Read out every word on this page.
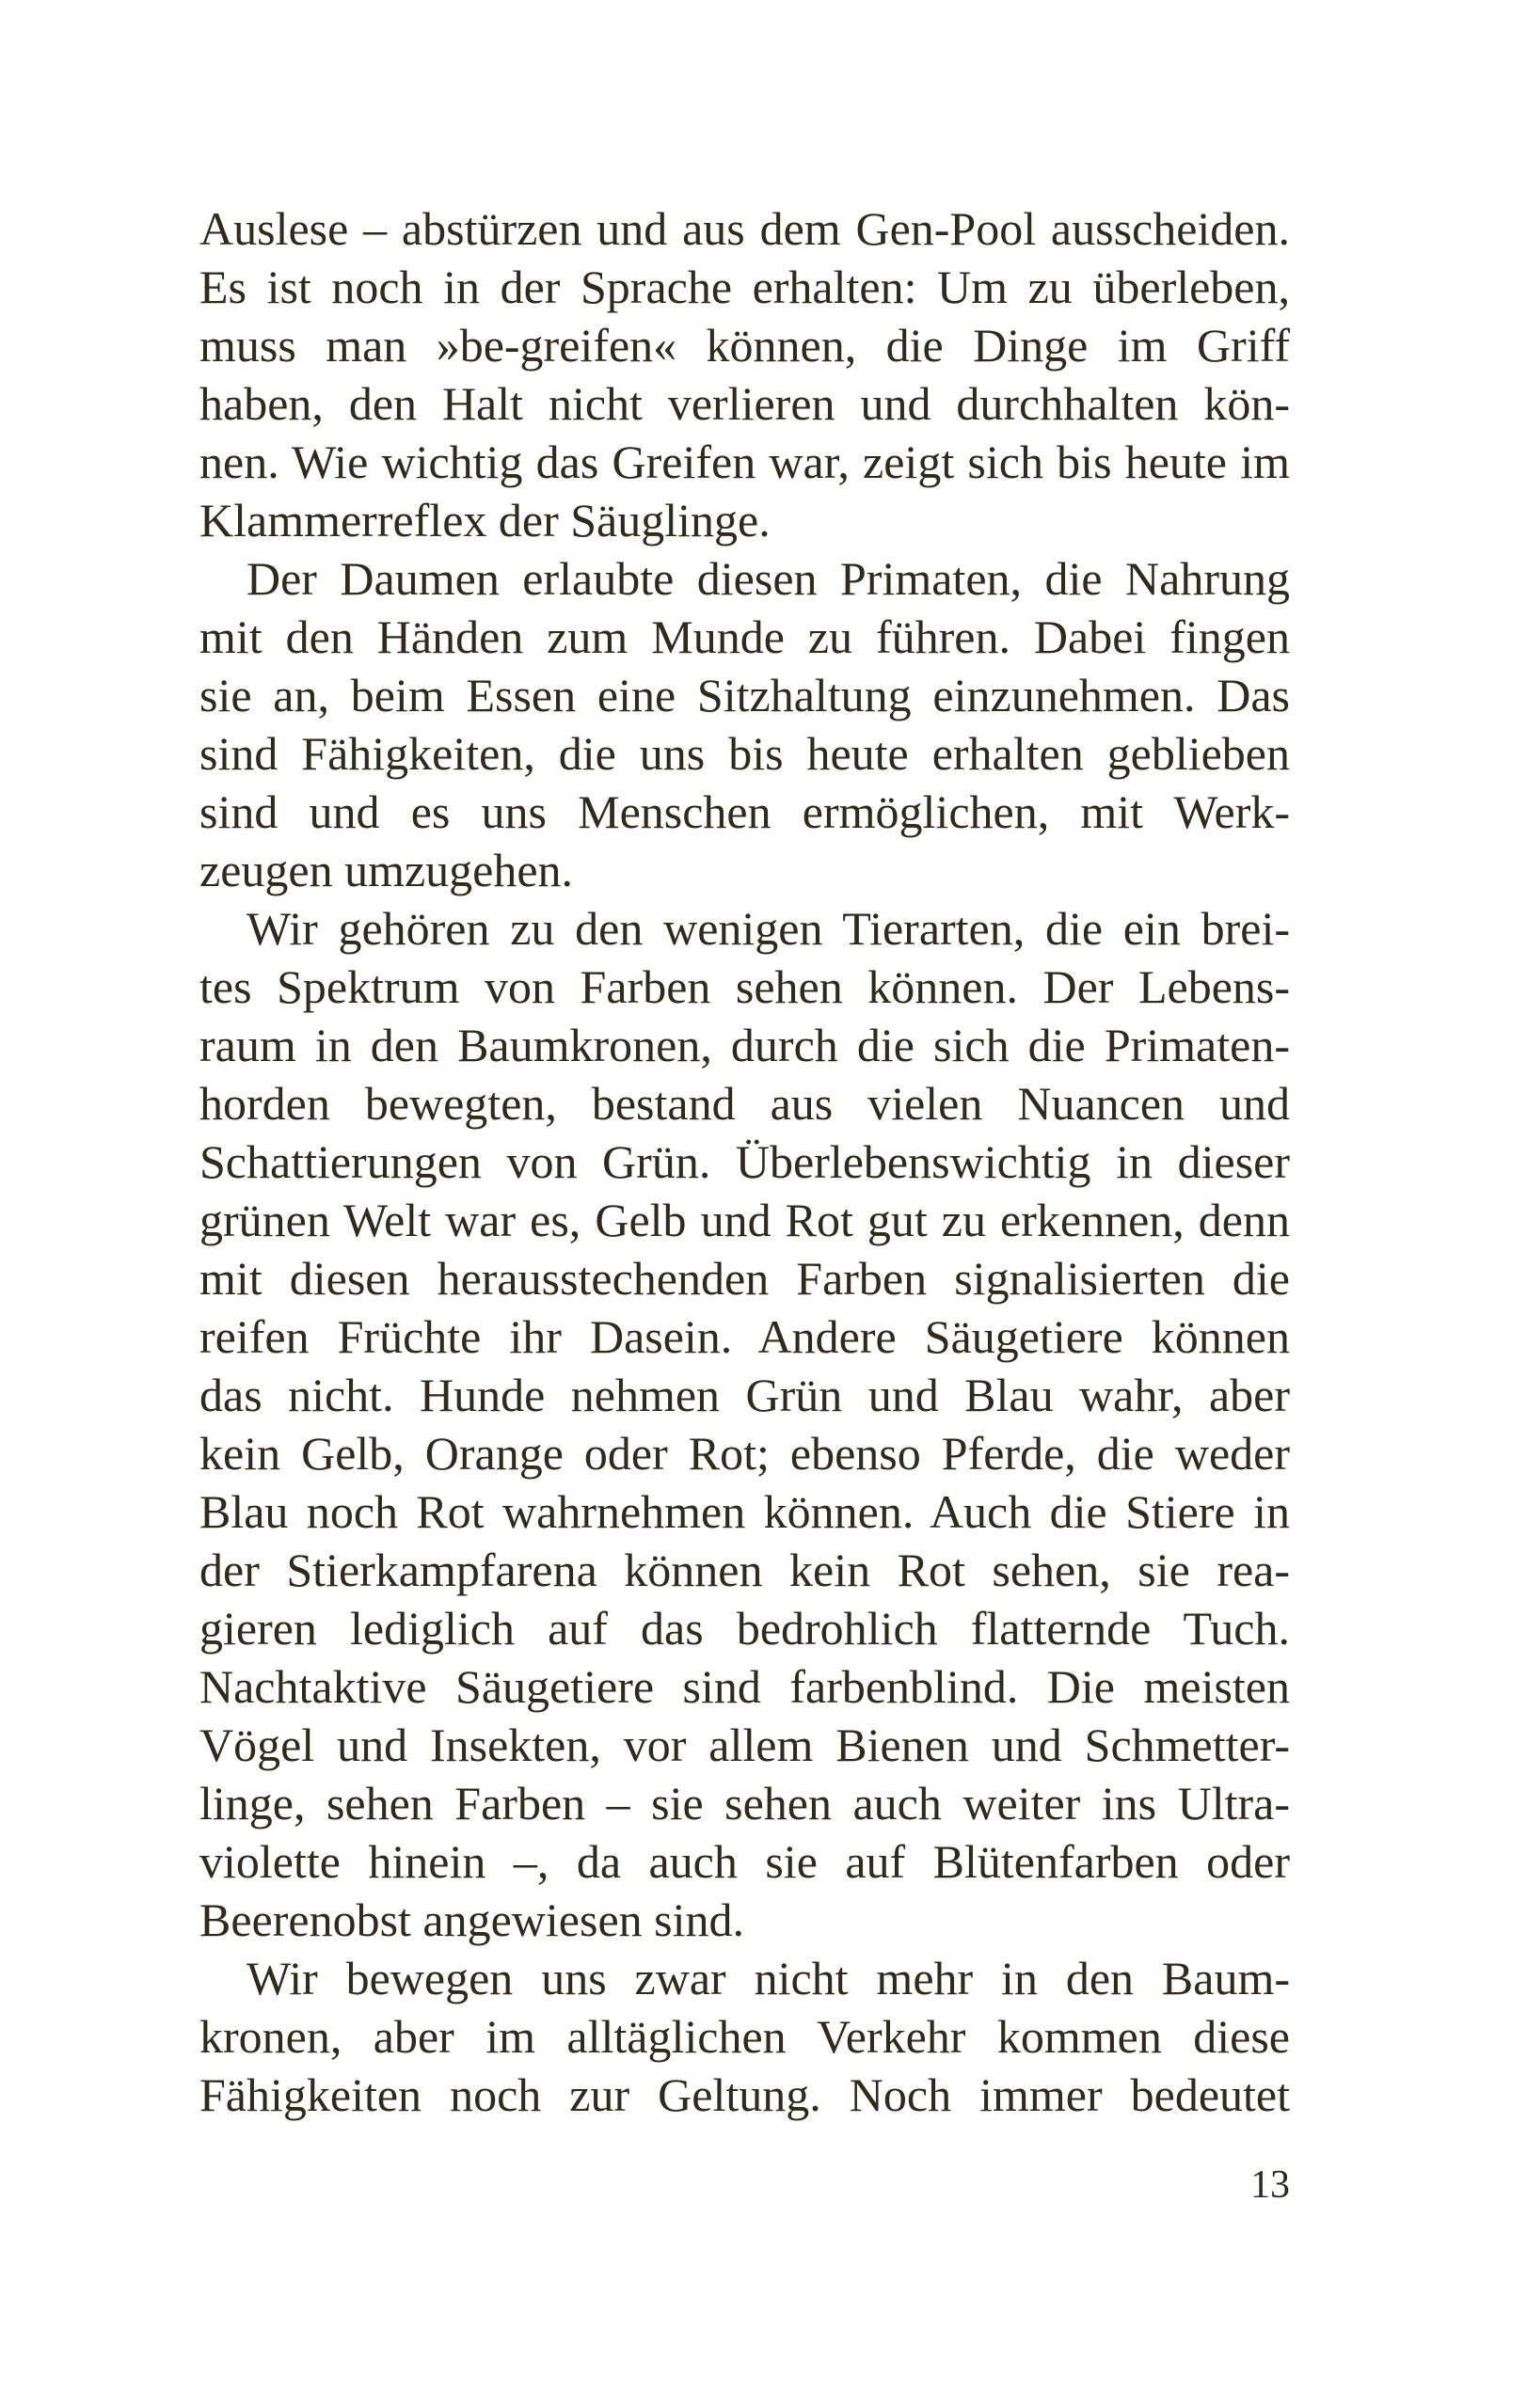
Auslese – abstürzen und aus dem Gen-Pool ausscheiden.
Es ist noch in der Sprache erhalten: Um zu überleben,
muss man »be-greifen« können, die Dinge im Griff
haben, den Halt nicht verlieren und durchhalten kön-
nen. Wie wichtig das Greifen war, zeigt sich bis heute im
Klammerreflex der Säuglinge.
Der Daumen erlaubte diesen Primaten, die Nahrung
mit den Händen zum Munde zu führen. Dabei fingen
sie an, beim Essen eine Sitzhaltung einzunehmen. Das
sind Fähigkeiten, die uns bis heute erhalten geblieben
sind und es uns Menschen ermöglichen, mit Werk-
zeugen umzugehen.
Wir gehören zu den wenigen Tierarten, die ein brei-
tes Spektrum von Farben sehen können. Der Lebens-
raum in den Baumkronen, durch die sich die Primaten-
horden bewegten, bestand aus vielen Nuancen und
Schattierungen von Grün. Überlebenswichtig in dieser
grünen Welt war es, Gelb und Rot gut zu erkennen, denn
mit diesen herausstechenden Farben signalisierten die
reifen Früchte ihr Dasein. Andere Säugetiere können
das nicht. Hunde nehmen Grün und Blau wahr, aber
kein Gelb, Orange oder Rot; ebenso Pferde, die weder
Blau noch Rot wahrnehmen können. Auch die Stiere in
der Stierkampfarena können kein Rot sehen, sie rea-
gieren lediglich auf das bedrohlich flatternde Tuch.
Nachtaktive Säugetiere sind farbenblind. Die meisten
Vögel und Insekten, vor allem Bienen und Schmetter-
linge, sehen Farben – sie sehen auch weiter ins Ultra-
violette hinein –, da auch sie auf Blütenfarben oder
Beerenobst angewiesen sind.
Wir bewegen uns zwar nicht mehr in den Baum-
kronen, aber im alltäglichen Verkehr kommen diese
Fähigkeiten noch zur Geltung. Noch immer bedeutet
13
